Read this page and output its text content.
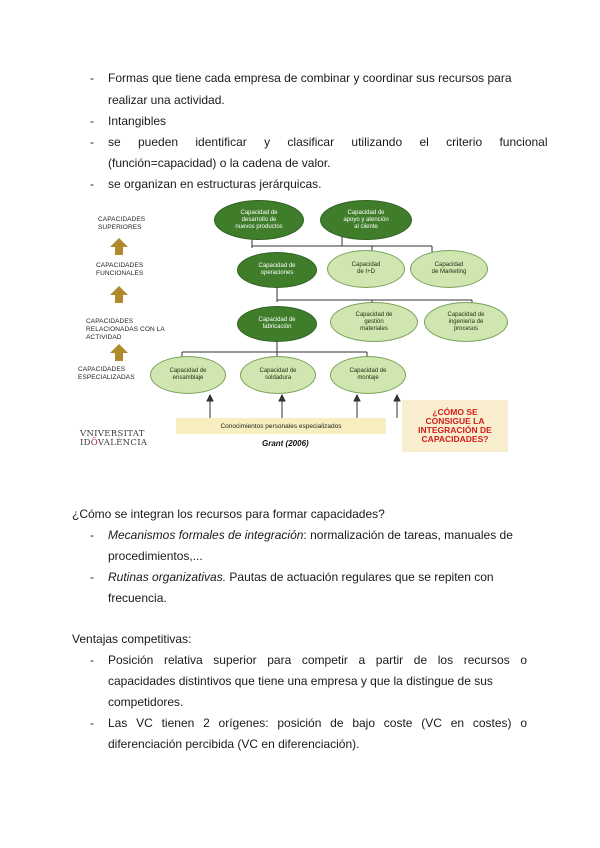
- Formas que tiene cada empresa de combinar y coordinar sus recursos para
realizar una actividad.
- Intangibles
- se pueden identificar y clasificar utilizando el criterio funcional
(función=capacidad) o la cadena de valor.
- se organizan en estructuras jerárquicas.
CAPACIDADES
SUPERIORES
CAPACIDADES
FUNCIONALES
CAPACIDADES
RELACIONADAS CON LA
ACTIVIDAD
CAPACIDADES
ESPECIALIZADAS
Capacidad de
desarrollo de
nuevos productos
Capacidad de
apoyo y atención
al cliente
Capacidad de
operaciones
Capacidad
de I+D
Capacidad
de Marketing
Capacidad de
fabricación
Capacidad de
gestión
materiales
Capacidad de
ingeniería de
procesos
Capacidad de
ensamblaje
Capacidad de
soldadura
Capacidad de
montaje
Conocimientos personales especializados
¿CÓMO SE
CONSIGUE LA
INTEGRACIÓN DE
CAPACIDADES?
Grant (2006)
VNIVERSITAT
IDÖVALÈNCIA
¿Cómo se integran los recursos para formar capacidades?
- Mecanismos formales de integración: normalización de tareas, manuales de
procedimientos,...
- Rutinas organizativas. Pautas de actuación regulares que se repiten con
frecuencia.
Ventajas competitivas:
- Posición relativa superior para competir a partir de los recursos o
capacidades distintivos que tiene una empresa y que la distingue de sus
competidores.
- Las VC tienen 2 orígenes: posición de bajo coste (VC en costes) o
diferenciación percibida (VC en diferenciación).
